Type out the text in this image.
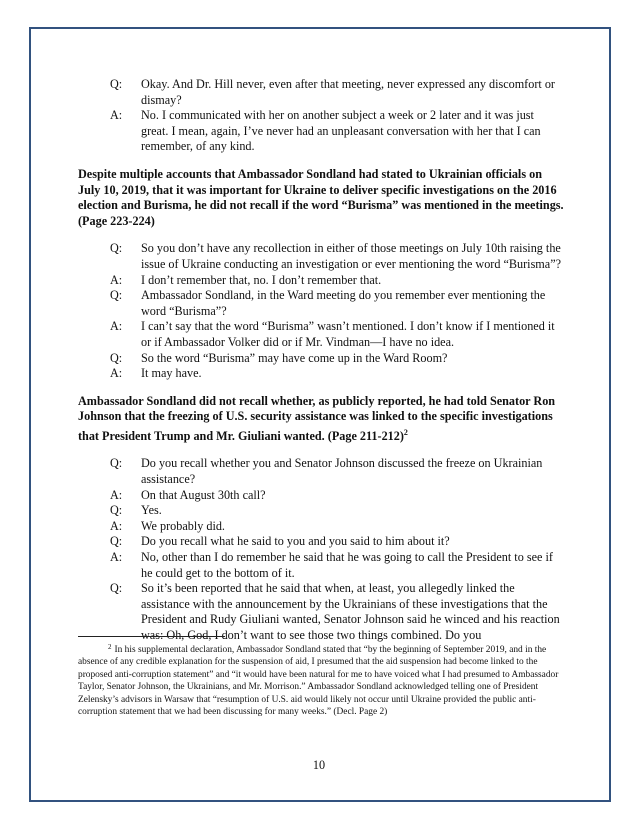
Q:	Okay. And Dr. Hill never, even after that meeting, never expressed any discomfort or dismay?
A:	No. I communicated with her on another subject a week or 2 later and it was just great. I mean, again, I’ve never had an unpleasant conversation with her that I can remember, of any kind.
Despite multiple accounts that Ambassador Sondland had stated to Ukrainian officials on July 10, 2019, that it was important for Ukraine to deliver specific investigations on the 2016 election and Burisma, he did not recall if the word “Burisma” was mentioned in the meetings. (Page 223-224)
Q:	So you don’t have any recollection in either of those meetings on July 10th raising the issue of Ukraine conducting an investigation or ever mentioning the word “Burisma”?
A:	I don’t remember that, no. I don’t remember that.
Q:	Ambassador Sondland, in the Ward meeting do you remember ever mentioning the word “Burisma”?
A:	I can’t say that the word “Burisma” wasn’t mentioned. I don’t know if I mentioned it or if Ambassador Volker did or if Mr. Vindman—I have no idea.
Q:	So the word “Burisma” may have come up in the Ward Room?
A:	It may have.
Ambassador Sondland did not recall whether, as publicly reported, he had told Senator Ron Johnson that the freezing of U.S. security assistance was linked to the specific investigations that President Trump and Mr. Giuliani wanted. (Page 211-212)$^2$
Q:	Do you recall whether you and Senator Johnson discussed the freeze on Ukrainian assistance?
A:	On that August 30th call?
Q:	Yes.
A:	We probably did.
Q:	Do you recall what he said to you and you said to him about it?
A:	No, other than I do remember he said that he was going to call the President to see if he could get to the bottom of it.
Q:	So it’s been reported that he said that when, at least, you allegedly linked the assistance with the announcement by the Ukrainians of these investigations that the President and Rudy Giuliani wanted, Senator Johnson said he winced and his reaction was: Oh, God, I don’t want to see those two things combined. Do you
$^2$ In his supplemental declaration, Ambassador Sondland stated that “by the beginning of September 2019, and in the absence of any credible explanation for the suspension of aid, I presumed that the aid suspension had become linked to the proposed anti-corruption statement” and “it would have been natural for me to have voiced what I had presumed to Ambassador Taylor, Senator Johnson, the Ukrainians, and Mr. Morrison.” Ambassador Sondland acknowledged telling one of President Zelensky’s advisors in Warsaw that “resumption of U.S. aid would likely not occur until Ukraine provided the public anti-corruption statement that we had been discussing for many weeks.” (Decl. Page 2)
10
